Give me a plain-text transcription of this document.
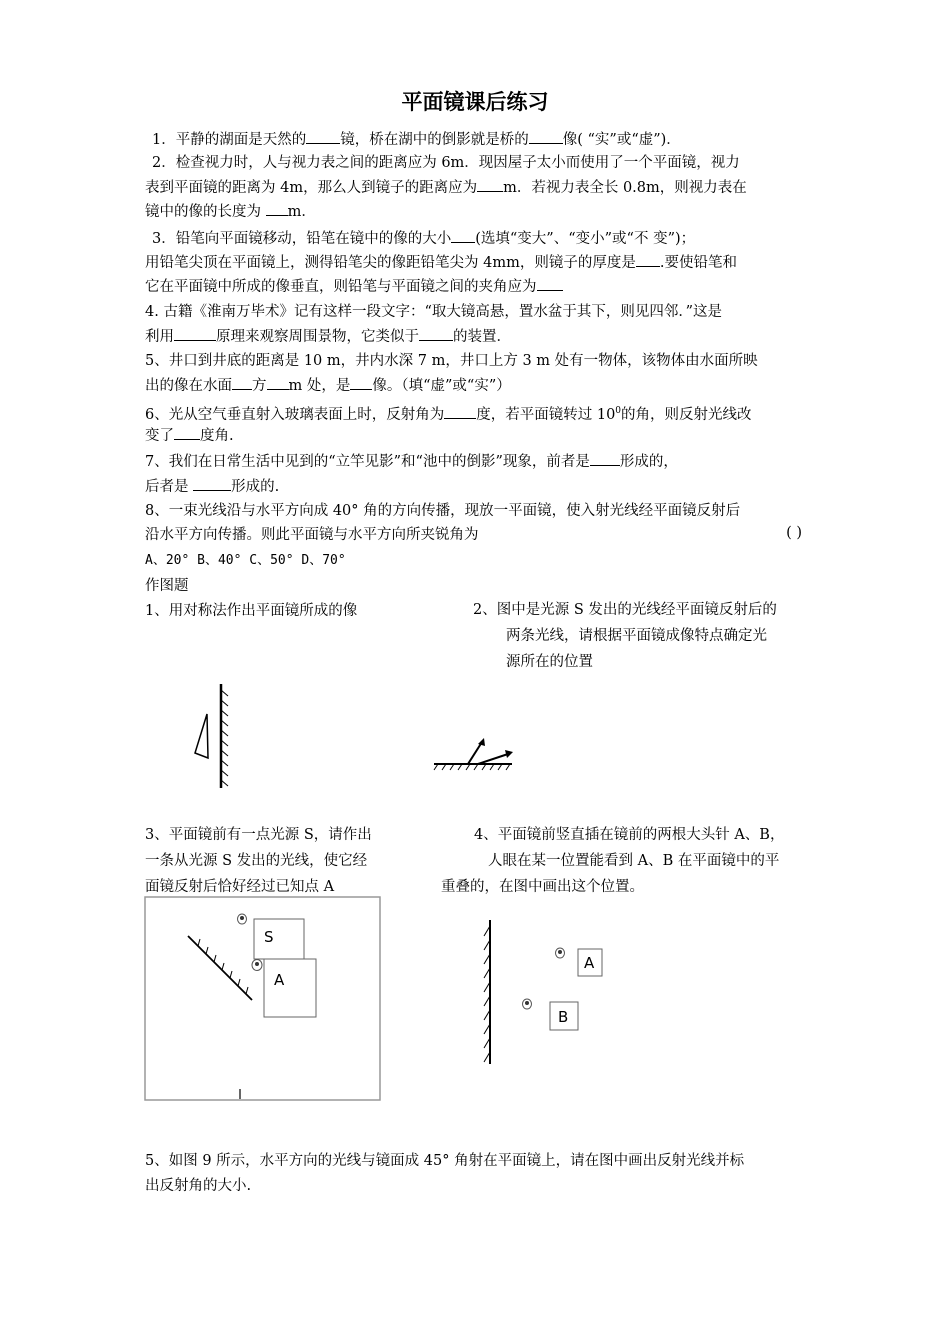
平面镜课后练习
1．平静的湖面是天然的 镜，桥在湖中的倒影就是桥的 像( “实”或“虚”)．
2．检查视力时，人与视力表之间的距离应为 6m．现因屋子太小而使用了一个平面镜，视力
表到平面镜的距离为 4m，那么人到镜子的距离应为 m．若视力表全长 0.8m，则视力表在
镜中的像的长度为 m．
3．铅笔向平面镜移动，铅笔在镜中的像的大小 (选填“变大”、“变小”或“不 变”)；
用铅笔尖顶在平面镜上，测得铅笔尖的像距铅笔尖为 4mm，则镜子的厚度是 .要使铅笔和
它在平面镜中所成的像垂直，则铅笔与平面镜之间的夹角应为
4. 古籍《淮南万毕术》记有这样一段文字：“取大镜高悬，置水盆于其下，则见四邻．”这是
利用	原理来观察周围景物，它类似于 的装置．
5、井口到井底的距离是 10 m，井内水深 7 m，井口上方 3 m 处有一物体，该物体由水面所映
出的像在水面 方 m 处，是 像。（填“虚”或“实”）
6、光从空气垂直射入玻璃表面上时，反射角为 度，若平面镜转过 $10^0$的角，则反射光线改
变了 度角.
7、我们在日常生活中见到的“立竿见影”和“池中的倒影”现象，前者是 形成的，
后者是	形成的.
8、一束光线沿与水平方向成 40° 角的方向传播，现放一平面镜，使入射光线经平面镜反射后
沿水平方向传播。则此平面镜与水平方向所夹锐角为	( )
A、20° B、40° C、50° D、70°
作图题
1、用对称法作出平面镜所成的像	2、图中是光源 S 发出的光线经平面镜反射后的
两条光线，请根据平面镜成像特点确定光
源所在的位置
3、平面镜前有一点光源 S，请作出
一条从光源 S 发出的光线，使它经
面镜反射后恰好经过已知点 A
4、平面镜前竖直插在镜前的两根大头针 A、B，
人眼在某一位置能看到 A、B 在平面镜中的平
重叠的，在图中画出这个位置。
S
A
A
B
5、如图 9 所示，水平方向的光线与镜面成 45° 角射在平面镜上，请在图中画出反射光线并标
出反射角的大小.
